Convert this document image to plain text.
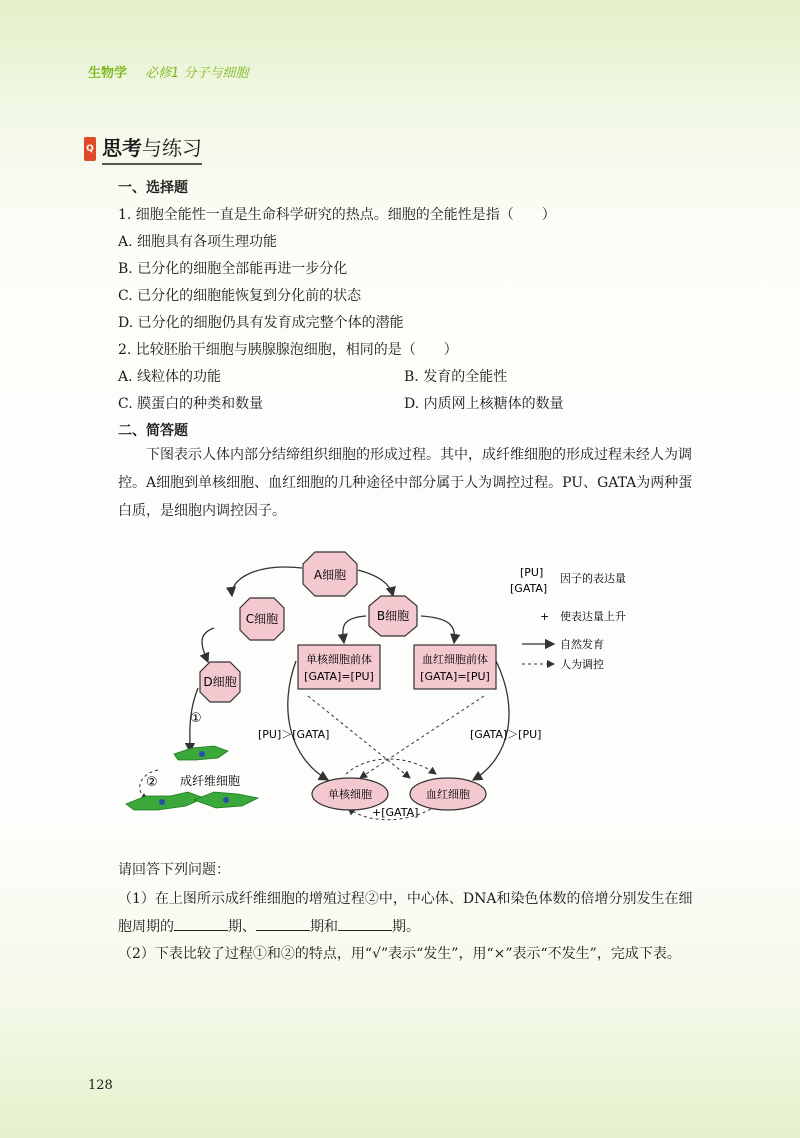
生物学 必修1 分子与细胞
Q 思考与练习
一、选择题
1. 细胞全能性一直是生命科学研究的热点。细胞的全能性是指（　　）
A. 细胞具有各项生理功能
B. 已分化的细胞全部能再进一步分化
C. 已分化的细胞能恢复到分化前的状态
D. 已分化的细胞仍具有发育成完整个体的潜能
2. 比较胚胎干细胞与胰腺腺泡细胞，相同的是（　　）
A. 线粒体的功能	B. 发育的全能性
C. 膜蛋白的种类和数量	D. 内质网上核糖体的数量
二、简答题
下图表示人体内部分结缔组织细胞的形成过程。其中，成纤维细胞的形成过程未经人为调控。A细胞到单核细胞、血红细胞的几种途径中部分属于人为调控过程。PU、GATA为两种蛋白质，是细胞内调控因子。
A细胞
B细胞
C细胞
D细胞
单核细胞前体
[GATA]=[PU]
血红细胞前体
[GATA]=[PU]
单核细胞	血红细胞
[PU]＞[GATA]	[GATA]＞[PU]
+[GATA]
①
② 成纤维细胞
[PU]
[GATA]
因子的表达量
+ 使表达量上升
自然发育
人为调控
请回答下列问题：
（1）在上图所示成纤维细胞的增殖过程②中，中心体、DNA和染色体数的倍增分别发生在细胞周期的	期、	期和	期。
（2）下表比较了过程①和②的特点，用“√”表示“发生”，用“×”表示“不发生”，完成下表。
128
